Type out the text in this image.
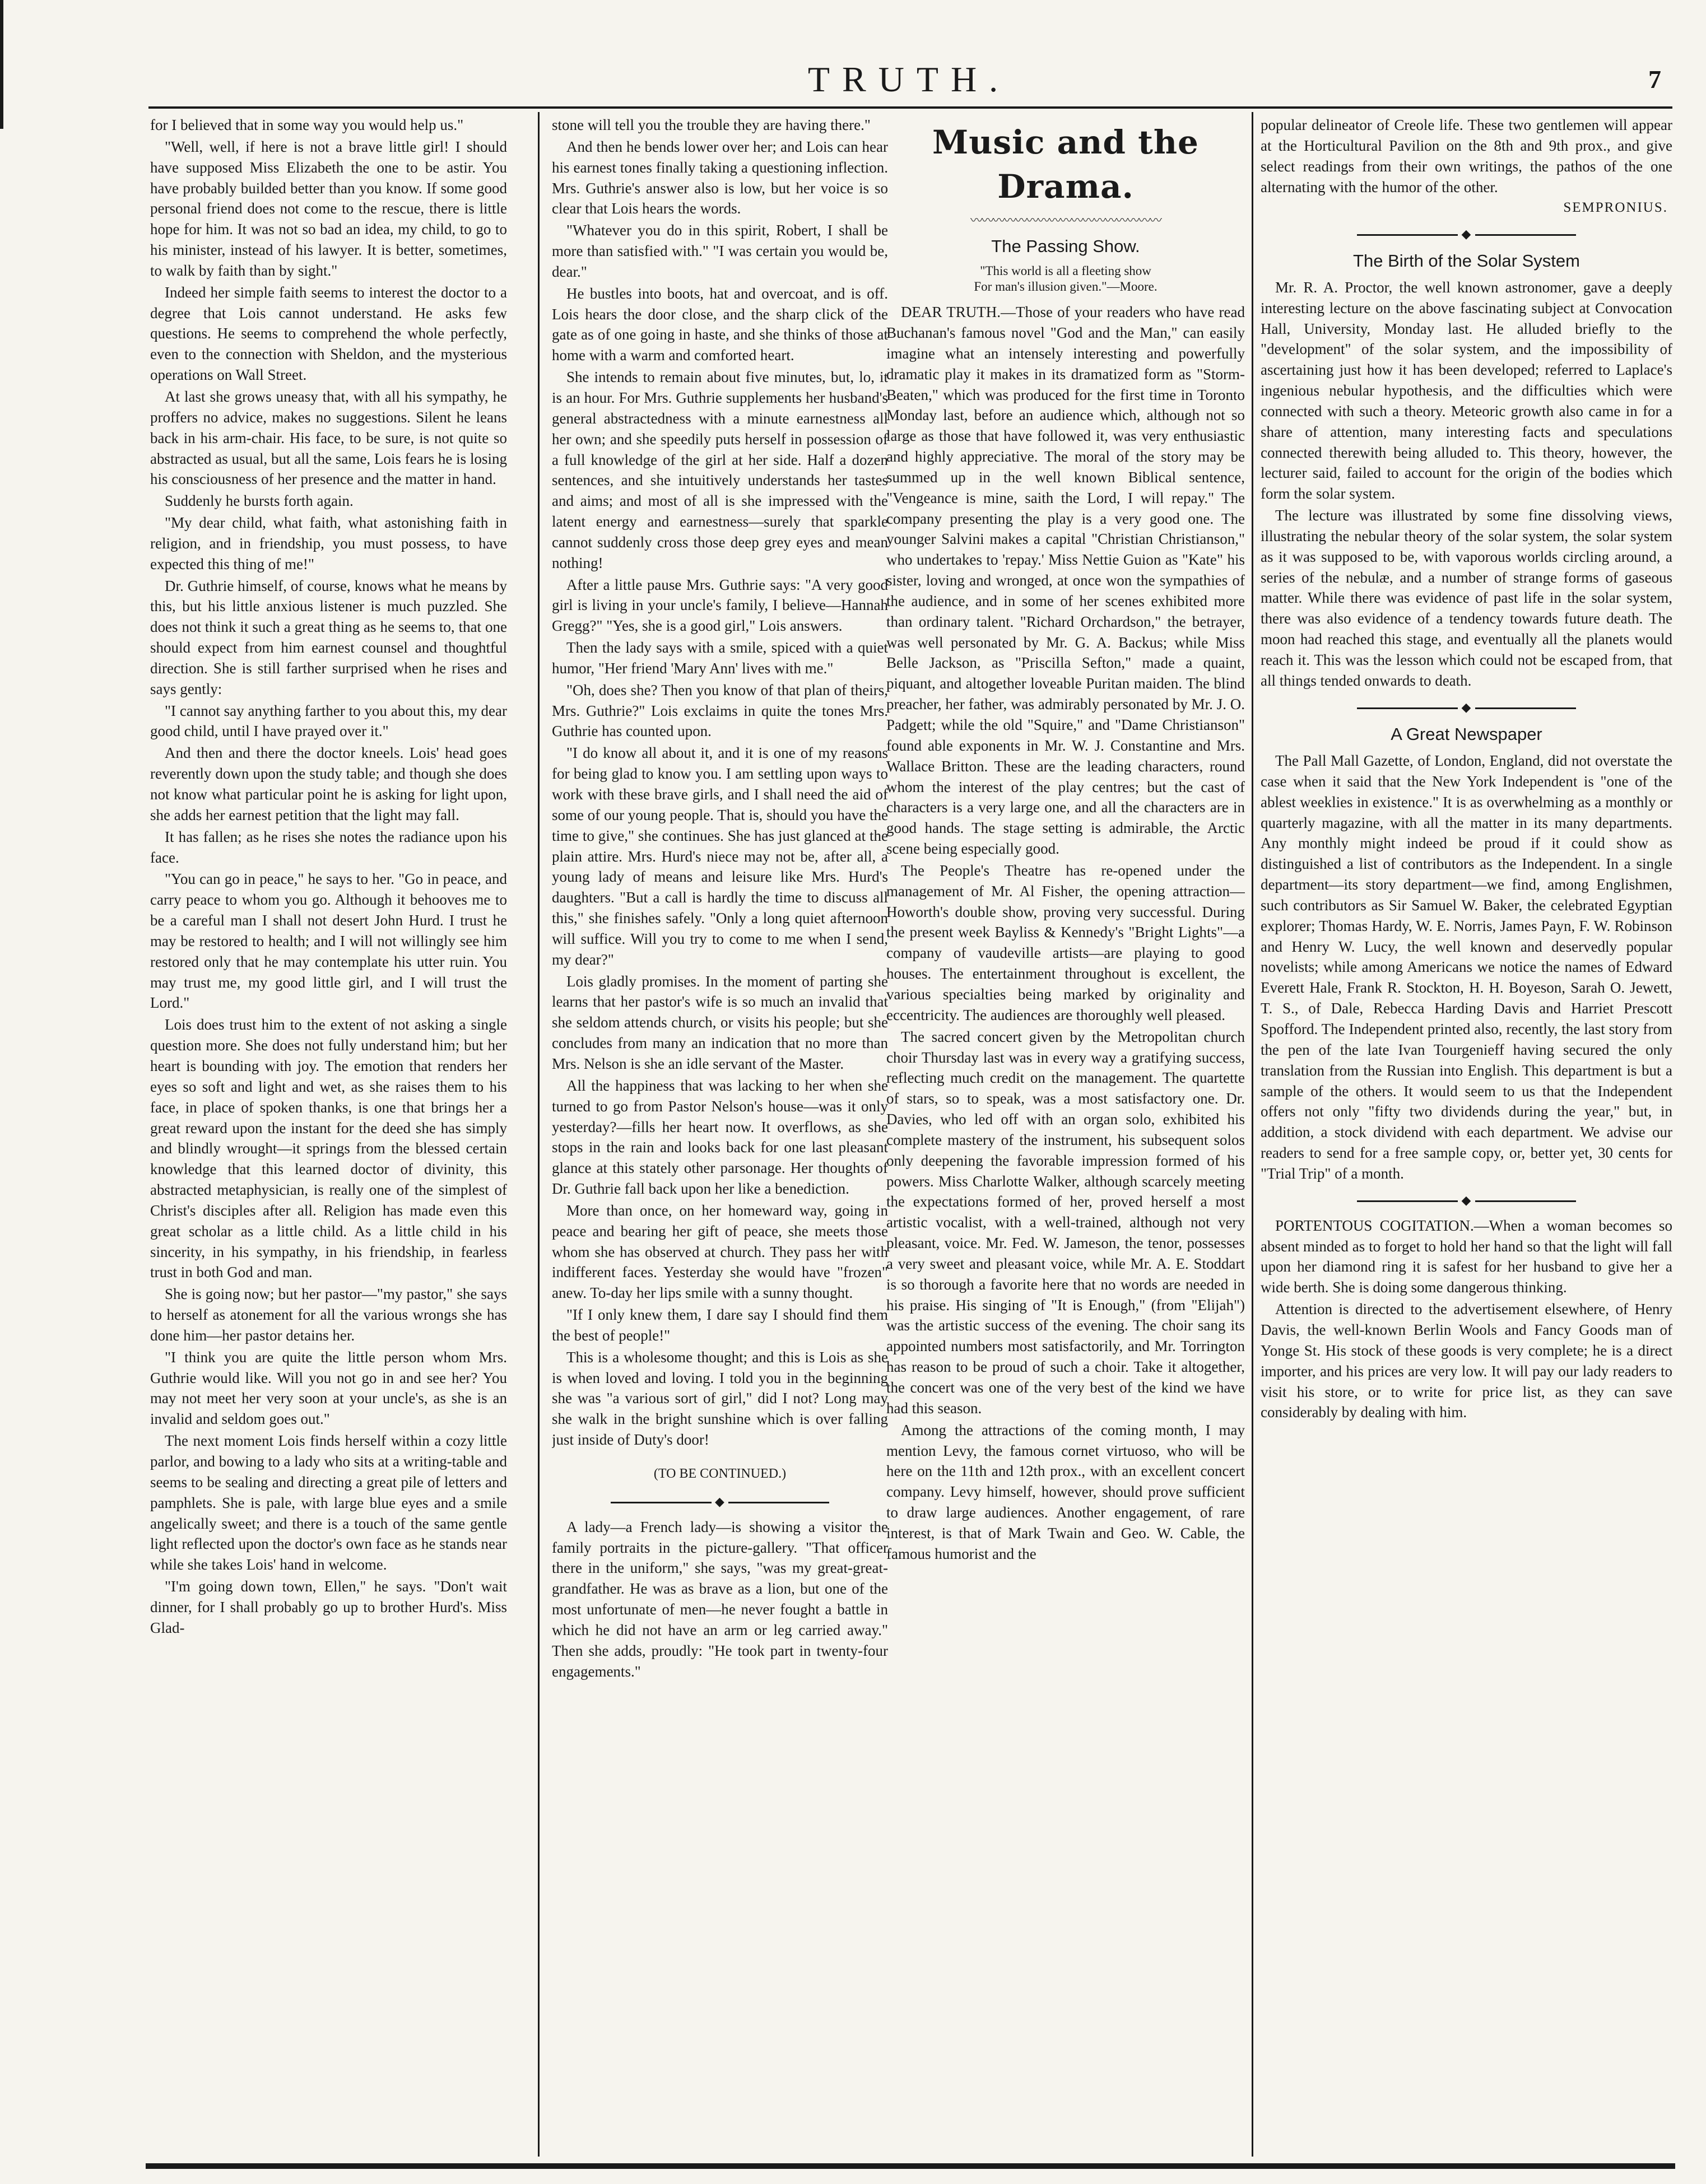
TRUTH.	7

for I believed that in some way you would help us."

"Well, well, if here is not a brave little girl! I should have supposed Miss Elizabeth the one to be astir. You have probably builded better than you know. If some good personal friend does not come to the rescue, there is little hope for him. It was not so bad an idea, my child, to go to his minister, instead of his lawyer. It is better, sometimes, to walk by faith than by sight."

Indeed her simple faith seems to interest the doctor to a degree that Lois cannot understand. He asks few questions. He seems to comprehend the whole perfectly, even to the connection with Sheldon, and the mysterious operations on Wall Street.

At last she grows uneasy that, with all his sympathy, he proffers no advice, makes no suggestions. Silent he leans back in his arm-chair. His face, to be sure, is not quite so abstracted as usual, but all the same, Lois fears he is losing his consciousness of her presence and the matter in hand.

Suddenly he bursts forth again.

"My dear child, what faith, what astonishing faith in religion, and in friendship, you must possess, to have expected this thing of me!"

Dr. Guthrie himself, of course, knows what he means by this, but his little anxious listener is much puzzled. She does not think it such a great thing as he seems to, that one should expect from him earnest counsel and thoughtful direction. She is still farther surprised when he rises and says gently:

"I cannot say anything farther to you about this, my dear good child, until I have prayed over it."

And then and there the doctor kneels. Lois' head goes reverently down upon the study table; and though she does not know what particular point he is asking for light upon, she adds her earnest petition that the light may fall.

It has fallen; as he rises she notes the radiance upon his face.

"You can go in peace," he says to her. "Go in peace, and carry peace to whom you go. Although it behooves me to be a careful man I shall not desert John Hurd. I trust he may be restored to health; and I will not willingly see him restored only that he may contemplate his utter ruin. You may trust me, my good little girl, and I will trust the Lord."

Lois does trust him to the extent of not asking a single question more. She does not fully understand him; but her heart is bounding with joy. The emotion that renders her eyes so soft and light and wet, as she raises them to his face, in place of spoken thanks, is one that brings her a great reward upon the instant for the deed she has simply and blindly wrought—it springs from the blessed certain knowledge that this learned doctor of divinity, this abstracted metaphysician, is really one of the simplest of Christ's disciples after all. Religion has made even this great scholar as a little child. As a little child in his sincerity, in his sympathy, in his friendship, in fearless trust in both God and man.

She is going now; but her pastor—"my pastor," she says to herself as atonement for all the various wrongs she has done him—her pastor detains her.

"I think you are quite the little person whom Mrs. Guthrie would like. Will you not go in and see her? You may not meet her very soon at your uncle's, as she is an invalid and seldom goes out."

The next moment Lois finds herself within a cozy little parlor, and bowing to a lady who sits at a writing-table and seems to be sealing and directing a great pile of letters and pamphlets. She is pale, with large blue eyes and a smile angelically sweet; and there is a touch of the same gentle light reflected upon the doctor's own face as he stands near while she takes Lois' hand in welcome.

"I'm going down town, Ellen," he says. "Don't wait dinner, for I shall probably go up to brother Hurd's. Miss Glad-

stone will tell you the trouble they are having there."

And then he bends lower over her; and Lois can hear his earnest tones finally taking a questioning inflection. Mrs. Guthrie's answer also is low, but her voice is so clear that Lois hears the words.

"Whatever you do in this spirit, Robert, I shall be more than satisfied with." "I was certain you would be, dear."

He bustles into boots, hat and overcoat, and is off. Lois hears the door close, and the sharp click of the gate as of one going in haste, and she thinks of those at home with a warm and comforted heart.

She intends to remain about five minutes, but, lo, it is an hour. For Mrs. Guthrie supplements her husband's general abstractedness with a minute earnestness all her own; and she speedily puts herself in possession of a full knowledge of the girl at her side. Half a dozen sentences, and she intuitively understands her tastes and aims; and most of all is she impressed with the latent energy and earnestness—surely that sparkle cannot suddenly cross those deep grey eyes and mean nothing!

After a little pause Mrs. Guthrie says: "A very good girl is living in your uncle's family, I believe—Hannah Gregg?" "Yes, she is a good girl," Lois answers.

Then the lady says with a smile, spiced with a quiet humor, "Her friend 'Mary Ann' lives with me."

"Oh, does she? Then you know of that plan of theirs, Mrs. Guthrie?" Lois exclaims in quite the tones Mrs. Guthrie has counted upon.

"I do know all about it, and it is one of my reasons for being glad to know you. I am settling upon ways to work with these brave girls, and I shall need the aid of some of our young people. That is, should you have the time to give," she continues. She has just glanced at the plain attire. Mrs. Hurd's niece may not be, after all, a young lady of means and leisure like Mrs. Hurd's daughters. "But a call is hardly the time to discuss all this," she finishes safely. "Only a long quiet afternoon will suffice. Will you try to come to me when I send, my dear?"

Lois gladly promises. In the moment of parting she learns that her pastor's wife is so much an invalid that she seldom attends church, or visits his people; but she concludes from many an indication that no more than Mrs. Nelson is she an idle servant of the Master.

All the happiness that was lacking to her when she turned to go from Pastor Nelson's house—was it only yesterday?—fills her heart now. It overflows, as she stops in the rain and looks back for one last pleasant glance at this stately other parsonage. Her thoughts of Dr. Guthrie fall back upon her like a benediction.

More than once, on her homeward way, going in peace and bearing her gift of peace, she meets those whom she has observed at church. They pass her with indifferent faces. Yesterday she would have "frozen" anew. To-day her lips smile with a sunny thought.

"If I only knew them, I dare say I should find them the best of people!"

This is a wholesome thought; and this is Lois as she is when loved and loving. I told you in the beginning she was "a various sort of girl," did I not? Long may she walk in the bright sunshine which is over falling just inside of Duty's door!

(TO BE CONTINUED.)
◆

A lady—a French lady—is showing a visitor the family portraits in the picture-gallery. "That officer there in the uniform," she says, "was my great-great-grandfather. He was as brave as a lion, but one of the most unfortunate of men—he never fought a battle in which he did not have an arm or leg carried away." Then she adds, proudly: "He took part in twenty-four engagements."

Music and the Drama.
〰〰〰〰〰〰〰〰〰〰〰〰〰〰〰〰〰
The Passing Show.
"This world is all a fleeting show
For man's illusion given."—Moore.

DEAR TRUTH.—Those of your readers who have read Buchanan's famous novel "God and the Man," can easily imagine what an intensely interesting and powerfully dramatic play it makes in its dramatized form as "Storm-Beaten," which was produced for the first time in Toronto Monday last, before an audience which, although not so large as those that have followed it, was very enthusiastic and highly appreciative. The moral of the story may be summed up in the well known Biblical sentence, "Vengeance is mine, saith the Lord, I will repay." The company presenting the play is a very good one. The younger Salvini makes a capital "Christian Christianson," who undertakes to 'repay.' Miss Nettie Guion as "Kate" his sister, loving and wronged, at once won the sympathies of the audience, and in some of her scenes exhibited more than ordinary talent. "Richard Orchardson," the betrayer, was well personated by Mr. G. A. Backus; while Miss Belle Jackson, as "Priscilla Sefton," made a quaint, piquant, and altogether loveable Puritan maiden. The blind preacher, her father, was admirably personated by Mr. J. O. Padgett; while the old "Squire," and "Dame Christianson" found able exponents in Mr. W. J. Constantine and Mrs. Wallace Britton. These are the leading characters, round whom the interest of the play centres; but the cast of characters is a very large one, and all the characters are in good hands. The stage setting is admirable, the Arctic scene being especially good.

The People's Theatre has re-opened under the management of Mr. Al Fisher, the opening attraction—Howorth's double show, proving very successful. During the present week Bayliss & Kennedy's "Bright Lights"—a company of vaudeville artists—are playing to good houses. The entertainment throughout is excellent, the various specialties being marked by originality and eccentricity. The audiences are thoroughly well pleased.

The sacred concert given by the Metropolitan church choir Thursday last was in every way a gratifying success, reflecting much credit on the management. The quartette of stars, so to speak, was a most satisfactory one. Dr. Davies, who led off with an organ solo, exhibited his complete mastery of the instrument, his subsequent solos only deepening the favorable impression formed of his powers. Miss Charlotte Walker, although scarcely meeting the expectations formed of her, proved herself a most artistic vocalist, with a well-trained, although not very pleasant, voice. Mr. Fed. W. Jameson, the tenor, possesses a very sweet and pleasant voice, while Mr. A. E. Stoddart is so thorough a favorite here that no words are needed in his praise. His singing of "It is Enough," (from "Elijah") was the artistic success of the evening. The choir sang its appointed numbers most satisfactorily, and Mr. Torrington has reason to be proud of such a choir. Take it altogether, the concert was one of the very best of the kind we have had this season.

Among the attractions of the coming month, I may mention Levy, the famous cornet virtuoso, who will be here on the 11th and 12th prox., with an excellent concert company. Levy himself, however, should prove sufficient to draw large audiences. Another engagement, of rare interest, is that of Mark Twain and Geo. W. Cable, the famous humorist and the

popular delineator of Creole life. These two gentlemen will appear at the Horticultural Pavilion on the 8th and 9th prox., and give select readings from their own writings, the pathos of the one alternating with the humor of the other.

SEMPRONIUS.
◆
The Birth of the Solar System

Mr. R. A. Proctor, the well known astronomer, gave a deeply interesting lecture on the above fascinating subject at Convocation Hall, University, Monday last. He alluded briefly to the "development" of the solar system, and the impossibility of ascertaining just how it has been developed; referred to Laplace's ingenious nebular hypothesis, and the difficulties which were connected with such a theory. Meteoric growth also came in for a share of attention, many interesting facts and speculations connected therewith being alluded to. This theory, however, the lecturer said, failed to account for the origin of the bodies which form the solar system.

The lecture was illustrated by some fine dissolving views, illustrating the nebular theory of the solar system, the solar system as it was supposed to be, with vaporous worlds circling around, a series of the nebulæ, and a number of strange forms of gaseous matter. While there was evidence of past life in the solar system, there was also evidence of a tendency towards future death. The moon had reached this stage, and eventually all the planets would reach it. This was the lesson which could not be escaped from, that all things tended onwards to death.

◆
A Great Newspaper

The Pall Mall Gazette, of London, England, did not overstate the case when it said that the New York Independent is "one of the ablest weeklies in existence." It is as overwhelming as a monthly or quarterly magazine, with all the matter in its many departments. Any monthly might indeed be proud if it could show as distinguished a list of contributors as the Independent. In a single department—its story department—we find, among Englishmen, such contributors as Sir Samuel W. Baker, the celebrated Egyptian explorer; Thomas Hardy, W. E. Norris, James Payn, F. W. Robinson and Henry W. Lucy, the well known and deservedly popular novelists; while among Americans we notice the names of Edward Everett Hale, Frank R. Stockton, H. H. Boyeson, Sarah O. Jewett, T. S., of Dale, Rebecca Harding Davis and Harriet Prescott Spofford. The Independent printed also, recently, the last story from the pen of the late Ivan Tourgenieff having secured the only translation from the Russian into English. This department is but a sample of the others. It would seem to us that the Independent offers not only "fifty two dividends during the year," but, in addition, a stock dividend with each department. We advise our readers to send for a free sample copy, or, better yet, 30 cents for "Trial Trip" of a month.

◆

PORTENTOUS COGITATION.—When a woman becomes so absent minded as to forget to hold her hand so that the light will fall upon her diamond ring it is safest for her husband to give her a wide berth. She is doing some dangerous thinking.

Attention is directed to the advertisement elsewhere, of Henry Davis, the well-known Berlin Wools and Fancy Goods man of Yonge St. His stock of these goods is very complete; he is a direct importer, and his prices are very low. It will pay our lady readers to visit his store, or to write for price list, as they can save considerably by dealing with him.
